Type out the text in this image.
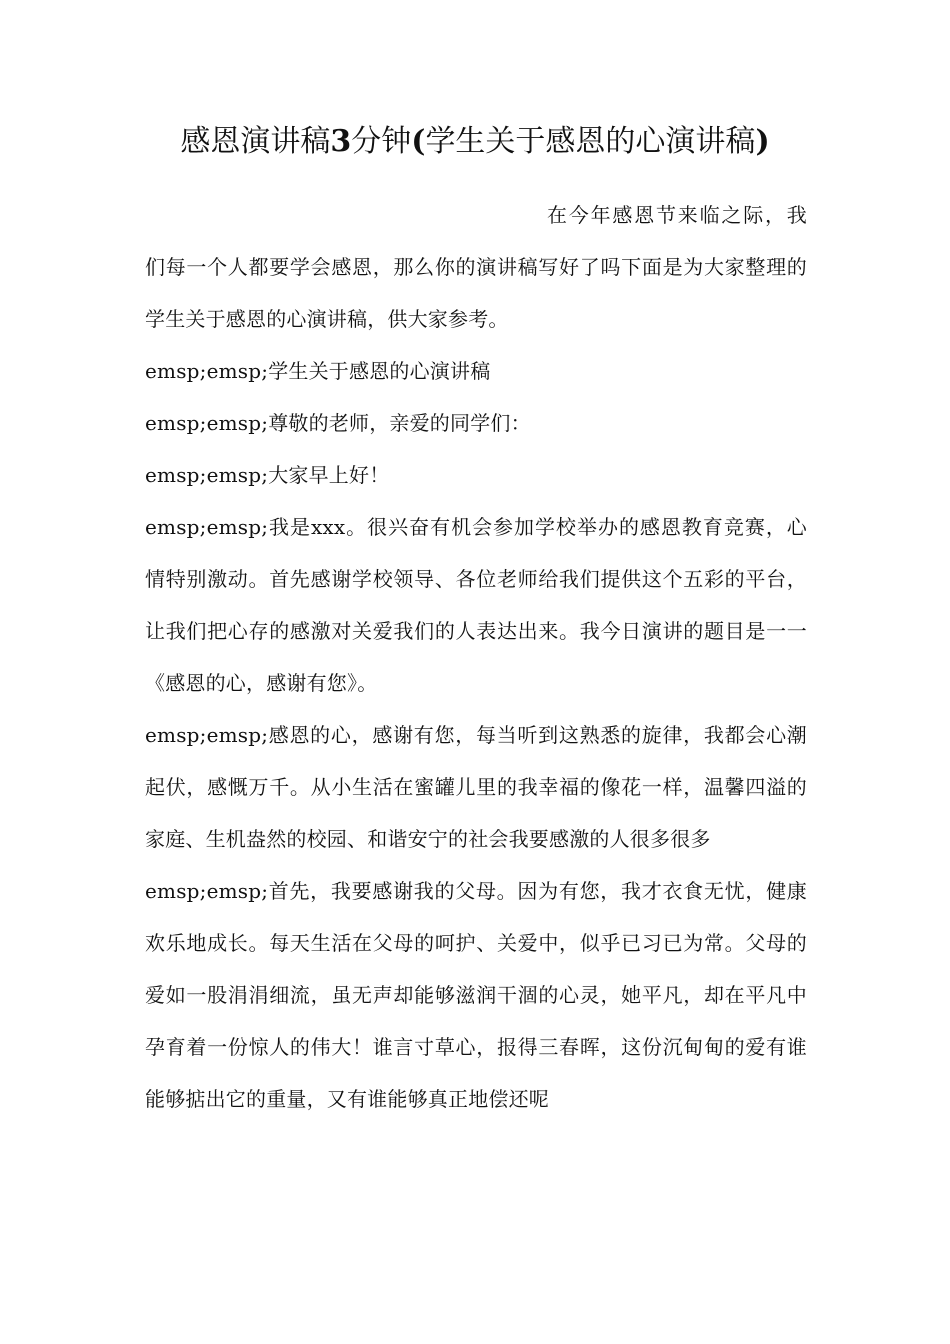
感恩演讲稿3分钟(学生关于感恩的心演讲稿)

在今年感恩节来临之际，我们每一个人都要学会感恩，那么你的演讲稿写好了吗下面是为大家整理的学生关于感恩的心演讲稿，供大家参考。

emsp;emsp;学生关于感恩的心演讲稿

emsp;emsp;尊敬的老师，亲爱的同学们：

emsp;emsp;大家早上好！

emsp;emsp;我是xxx。很兴奋有机会参加学校举办的感恩教育竞赛，心情特别激动。首先感谢学校领导、各位老师给我们提供这个五彩的平台，让我们把心存的感激对关爱我们的人表达出来。我今日演讲的题目是一一《感恩的心，感谢有您》。

emsp;emsp;感恩的心，感谢有您，每当听到这熟悉的旋律，我都会心潮起伏，感慨万千。从小生活在蜜罐儿里的我幸福的像花一样，温馨四溢的家庭、生机盎然的校园、和谐安宁的社会我要感激的人很多很多

emsp;emsp;首先，我要感谢我的父母。因为有您，我才衣食无忧，健康欢乐地成长。每天生活在父母的呵护、关爱中，似乎已习已为常。父母的爱如一股涓涓细流，虽无声却能够滋润干涸的心灵，她平凡，却在平凡中孕育着一份惊人的伟大！谁言寸草心，报得三春晖，这份沉甸甸的爱有谁能够掂出它的重量，又有谁能够真正地偿还呢
